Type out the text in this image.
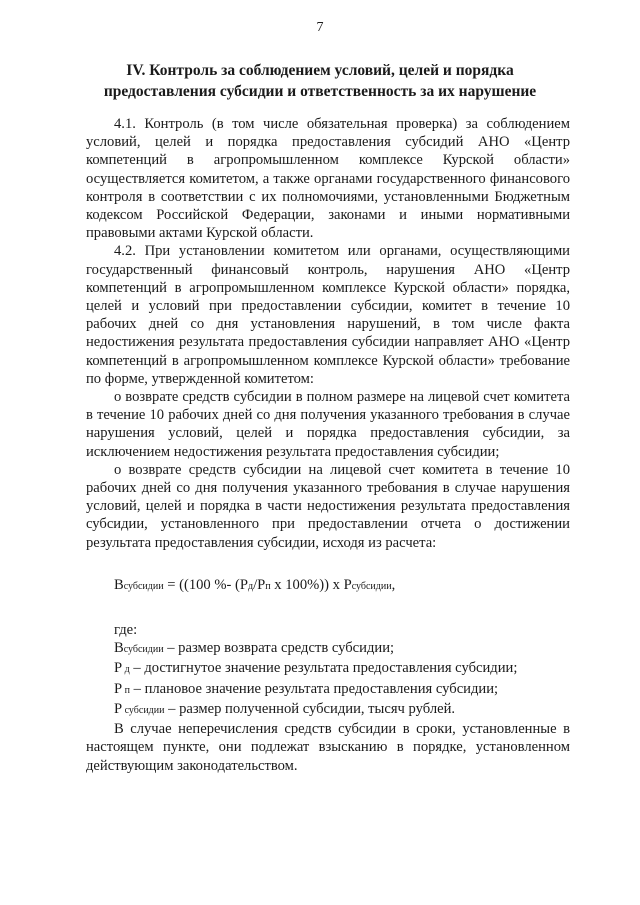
7
IV. Контроль за соблюдением условий, целей и порядка
предоставления субсидии и ответственность за их нарушение

4.1. Контроль (в том числе обязательная проверка) за соблюдением условий, целей и порядка предоставления субсидий АНО «Центр компетенций в агропромышленном комплексе Курской области» осуществляется комитетом, а также органами государственного финансового контроля в соответствии с их полномочиями, установленными Бюджетным кодексом Российской Федерации, законами и иными нормативными правовыми актами Курской области.

4.2. При установлении комитетом или органами, осуществляющими государственный финансовый контроль, нарушения АНО «Центр компетенций в агропромышленном комплексе Курской области» порядка, целей и условий при предоставлении субсидии, комитет в течение 10 рабочих дней со дня установления нарушений, в том числе факта недостижения результата предоставления субсидии направляет АНО «Центр компетенций в агропромышленном комплексе Курской области» требование по форме, утвержденной комитетом:

о возврате средств субсидии в полном размере на лицевой счет комитета в течение 10 рабочих дней со дня получения указанного требования в случае нарушения условий, целей и порядка предоставления субсидии, за исключением недостижения результата предоставления субсидии;

о возврате средств субсидии на лицевой счет комитета в течение 10 рабочих дней со дня получения указанного требования в случае нарушения условий, целей и порядка в части недостижения результата предоставления субсидии, установленного при предоставлении отчета о достижении результата предоставления субсидии, исходя из расчета:

Всубсидии = ((100 %- (Рд/Рп x 100%)) x Рсубсидии,

где:

Всубсидии – размер возврата средств субсидии;

Р д – достигнутое значение результата предоставления субсидии;

Р п – плановое значение результата предоставления субсидии;

Р субсидии – размер полученной субсидии, тысяч рублей.

В случае неперечисления средств субсидии в сроки, установленные в настоящем пункте, они подлежат взысканию в порядке, установленном действующим законодательством.
